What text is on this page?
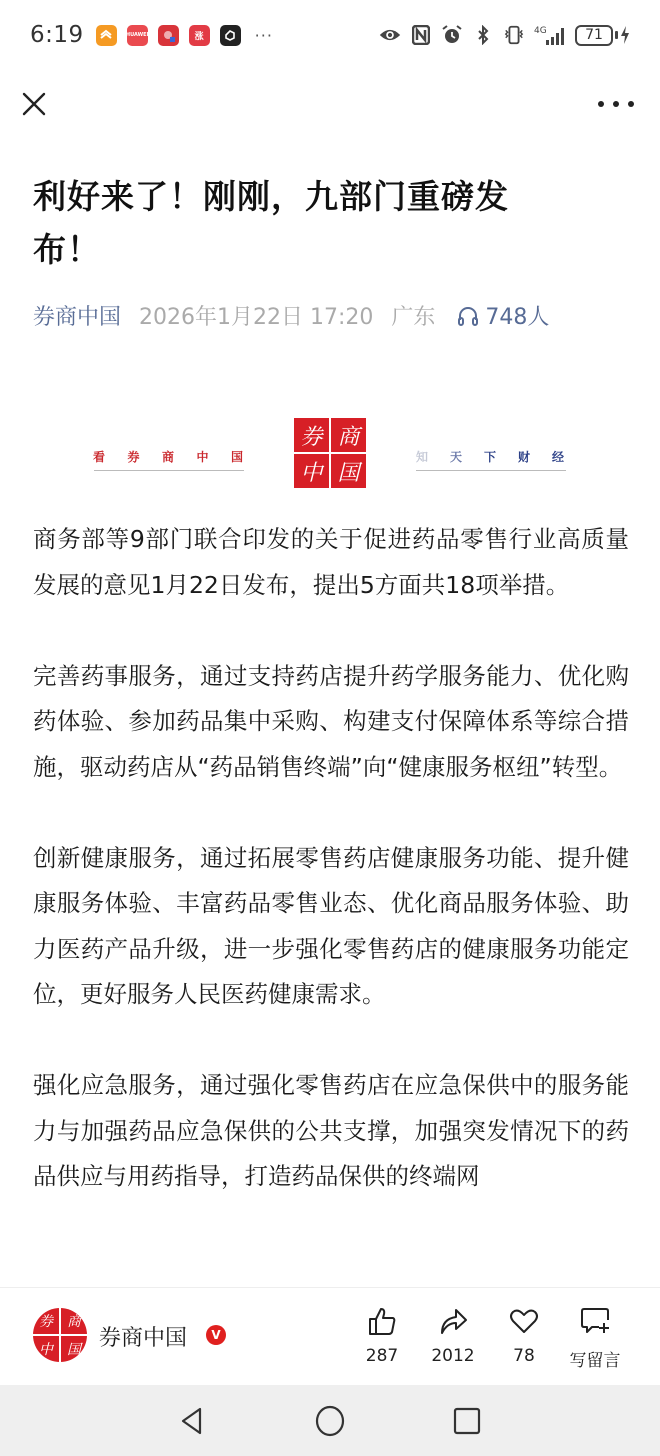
6:19	HUAWEI	涨	···	4G	71
利好来了！刚刚，九部门重磅发布！
券商中国 2026年1月22日 17:20 广东 748人
看 券 商 中 国
券 商
中 国
知 天 下 财 经

商务部等9部门联合印发的关于促进药品零售行业高质量发展的意见1月22日发布，提出5方面共18项举措。

完善药事服务，通过支持药店提升药学服务能力、优化购药体验、参加药品集中采购、构建支付保障体系等综合措施，驱动药店从“药品销售终端”向“健康服务枢纽”转型。

创新健康服务，通过拓展零售药店健康服务功能、提升健康服务体验、丰富药品零售业态、优化商品服务体验、助力医药产品升级，进一步强化零售药店的健康服务功能定位，更好服务人民医药健康需求。

强化应急服务，通过强化零售药店在应急保供中的服务能力与加强药品应急保供的公共支撑，加强突发情况下的药品供应与用药指导，打造药品保供的终端网

券	商
中	国 券商中国	V
287 2012 78 写留言
